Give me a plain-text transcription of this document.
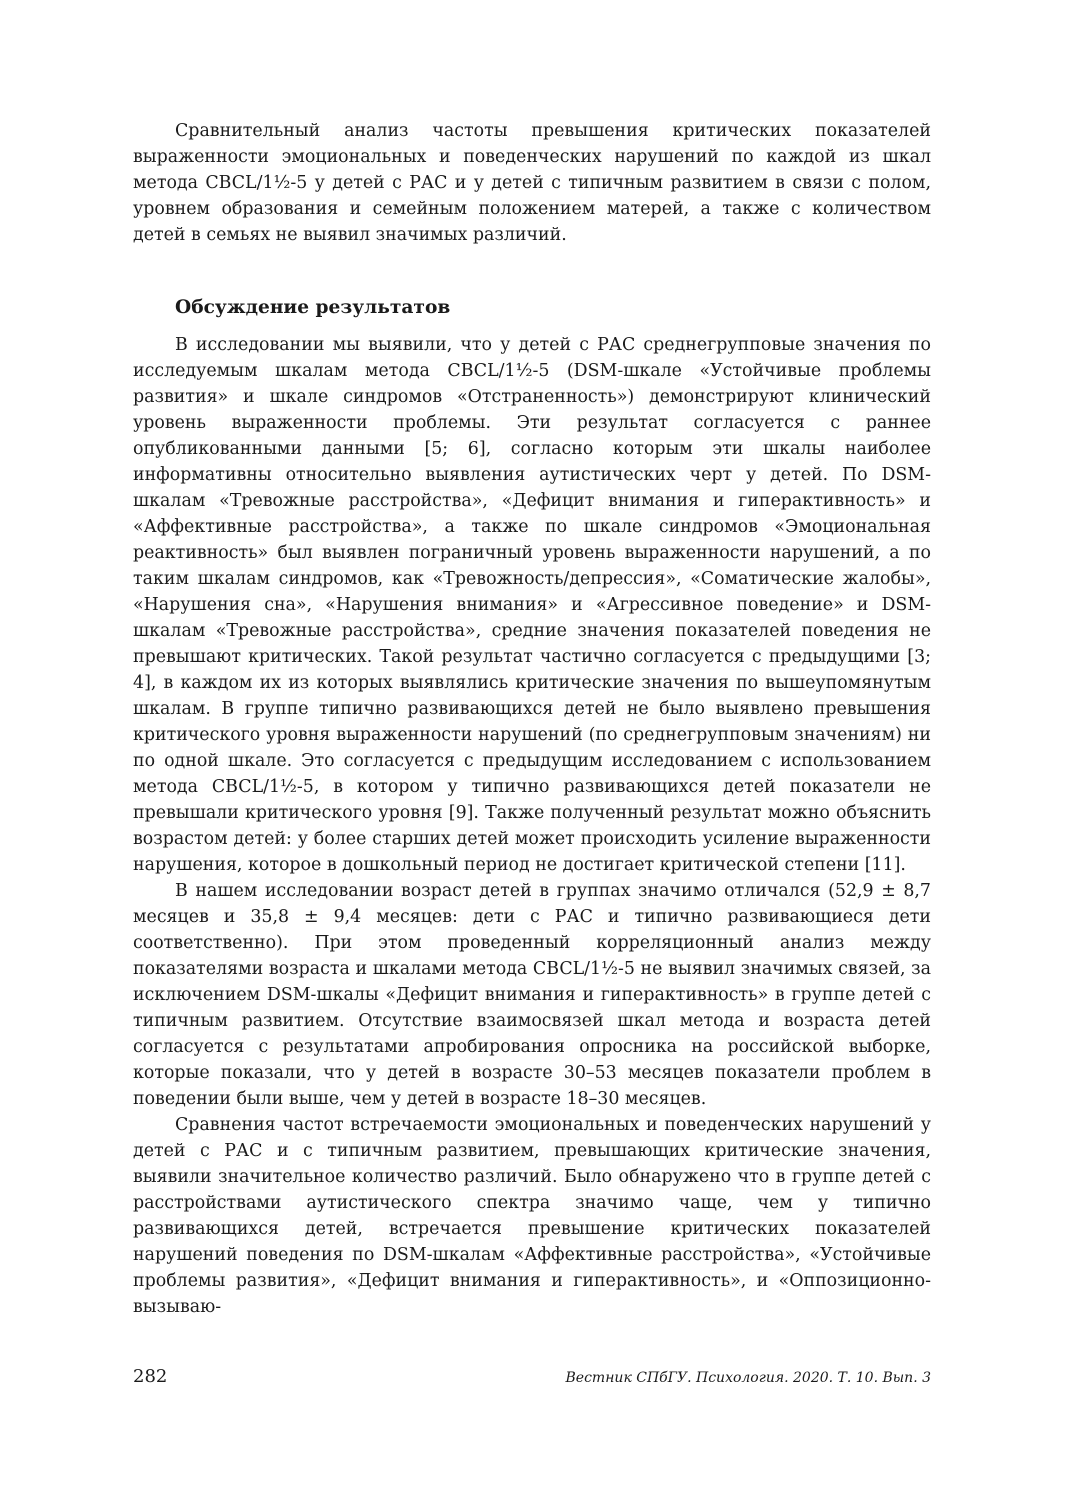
Сравнительный анализ частоты превышения критических показателей выраженности эмоциональных и поведенческих нарушений по каждой из шкал метода CBCL/1½-5 у детей с РАС и у детей с типичным развитием в связи с полом, уровнем образования и семейным положением матерей, а также с количеством детей в семьях не выявил значимых различий.

Обсуждение результатов

В исследовании мы выявили, что у детей с РАС среднегрупповые значения по исследуемым шкалам метода CBCL/1½-5 (DSM-шкале «Устойчивые проблемы развития» и шкале синдромов «Отстраненность») демонстрируют клинический уровень выраженности проблемы. Эти результат согласуется с раннее опубликованными данными [5; 6], согласно которым эти шкалы наиболее информативны относительно выявления аутистических черт у детей. По DSM-шкалам «Тревожные расстройства», «Дефицит внимания и гиперактивность» и «Аффективные расстройства», а также по шкале синдромов «Эмоциональная реактивность» был выявлен пограничный уровень выраженности нарушений, а по таким шкалам синдромов, как «Тревожность/депрессия», «Соматические жалобы», «Нарушения сна», «Нарушения внимания» и «Агрессивное поведение» и DSM-шкалам «Тревожные расстройства», средние значения показателей поведения не превышают критических. Такой результат частично согласуется с предыдущими [3; 4], в каждом их из которых выявлялись критические значения по вышеупомянутым шкалам. В группе типично развивающихся детей не было выявлено превышения критического уровня выраженности нарушений (по среднегрупповым значениям) ни по одной шкале. Это согласуется с предыдущим исследованием с использованием метода CBCL/1½-5, в котором у типично развивающихся детей показатели не превышали критического уровня [9]. Также полученный результат можно объяснить возрастом детей: у более старших детей может происходить усиление выраженности нарушения, которое в дошкольный период не достигает критической степени [11].

В нашем исследовании возраст детей в группах значимо отличался (52,9 ± 8,7 месяцев и 35,8 ± 9,4 месяцев: дети с РАС и типично развивающиеся дети соответственно). При этом проведенный корреляционный анализ между показателями возраста и шкалами метода CBCL/1½-5 не выявил значимых связей, за исключением DSM-шкалы «Дефицит внимания и гиперактивность» в группе детей с типичным развитием. Отсутствие взаимосвязей шкал метода и возраста детей согласуется с результатами апробирования опросника на российской выборке, которые показали, что у детей в возрасте 30–53 месяцев показатели проблем в поведении были выше, чем у детей в возрасте 18–30 месяцев.

Сравнения частот встречаемости эмоциональных и поведенческих нарушений у детей с РАС и с типичным развитием, превышающих критические значения, выявили значительное количество различий. Было обнаружено что в группе детей с расстройствами аутистического спектра значимо чаще, чем у типично развивающихся детей, встречается превышение критических показателей нарушений поведения по DSM-шкалам «Аффективные расстройства», «Устойчивые проблемы развития», «Дефицит внимания и гиперактивность», и «Оппозиционно-вызываю-

282	Вестник СПбГУ. Психология. 2020. Т. 10. Вып. 3
